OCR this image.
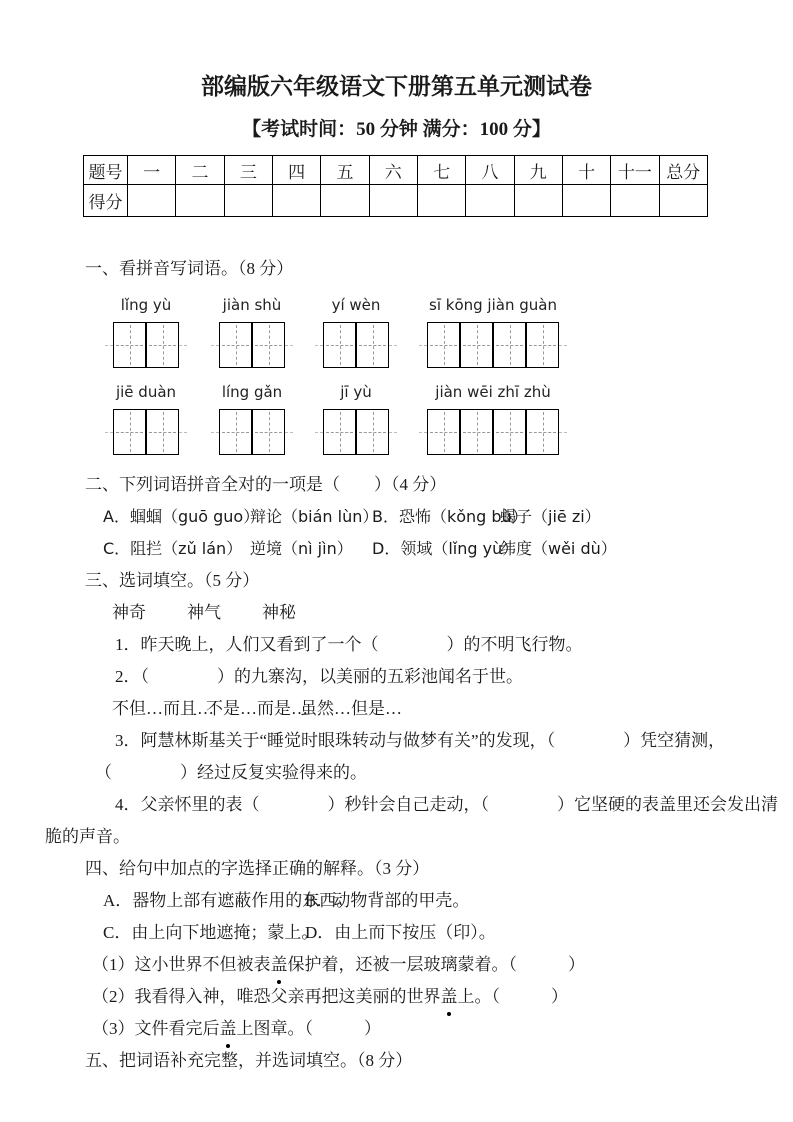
部编版六年级语文下册第五单元测试卷
【考试时间：50 分钟 满分：100 分】
题号	一	二	三	四	五	六	七	八	九	十	十一	总分
得分												
一、看拼音写词语。（8 分）
lǐng yù	jiàn shù	yí wèn	sī kōng jiàn guàn
jiē duàn	líng gǎn	jī yù	jiàn wēi zhī zhù
二、下列词语拼音全对的一项是（　　）（4 分）
A．蝈蝈（guō guo）辩论（bián lùn）B．恐怖（kǒng bù）蝎子（jiē zi）
C．阻拦（zǔ lán） 逆境（nì jìn） D．领域（lǐng yù）纬度（wěi dù）
三、选词填空。（5 分）
神奇 神气 神秘
1．昨天晚上，人们又看到了一个（　　　　）的不明飞行物。
2．（　　　　）的九寨沟，以美丽的五彩池闻名于世。
不但…而且…不是…而是…虽然…但是…
3．阿慧林斯基关于“睡觉时眼珠转动与做梦有关”的发现，（　　　　）凭空猜测，
（　　　　）经过反复实验得来的。
4．父亲怀里的表（　　　　）秒针会自己走动，（　　　　）它坚硬的表盖里还会发出清
脆的声音。
四、给句中加点的字选择正确的解释。（3 分）
A．器物上部有遮蔽作用的东西。B．动物背部的甲壳。
C．由上向下地遮掩；蒙上。D．由上而下按压（印）。
（1）这小世界不但被表盖保护着，还被一层玻璃蒙着。（　　　）
（2）我看得入神，唯恐父亲再把这美丽的世界盖上。（　　　）
（3）文件看完后盖上图章。（　　　）
五、把词语补充完整，并选词填空。（8 分）
